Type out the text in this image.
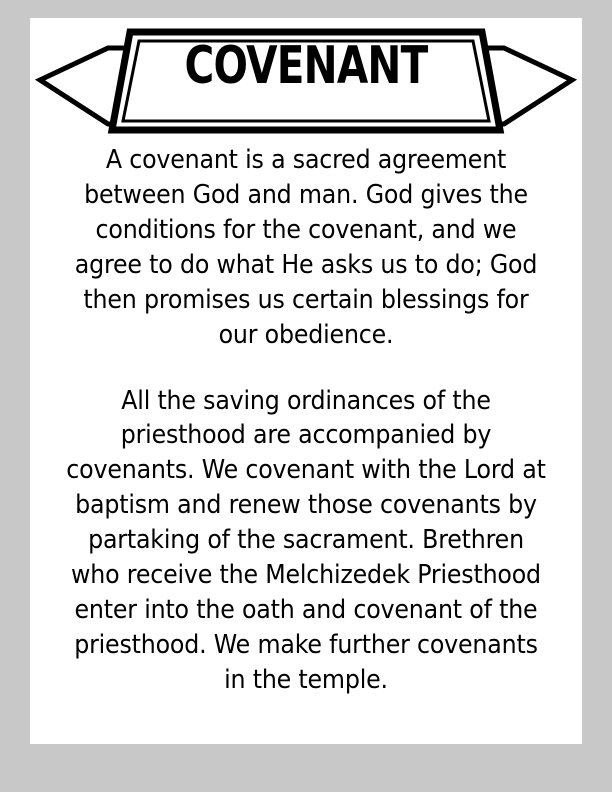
COVENANT
A covenant is a sacred agreement between God and man. God gives the conditions for the covenant, and we agree to do what He asks us to do; God then promises us certain blessings for our obedience.
All the saving ordinances of the priesthood are accompanied by covenants. We covenant with the Lord at baptism and renew those covenants by partaking of the sacrament. Brethren who receive the Melchizedek Priesthood enter into the oath and covenant of the priesthood. We make further covenants in the temple.
